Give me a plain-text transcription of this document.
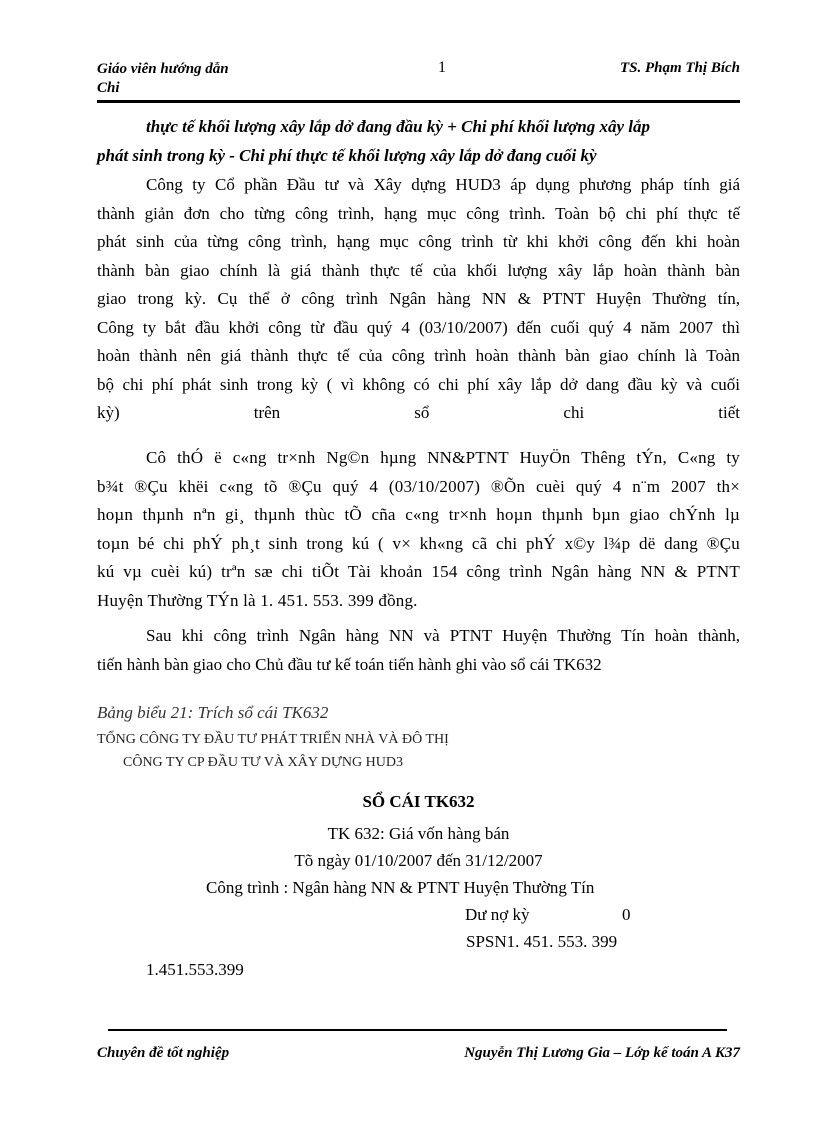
Giáo viên hướng dẫn
Chi
1	TS. Phạm Thị Bích

thực tế khối lượng xây lắp dở đang đầu kỳ + Chi phí khối lượng xây lắp

phát sinh trong kỳ - Chi phí thực tế khối lượng xây lắp dở đang cuối kỳ

Công ty Cổ phần Đầu tư và Xây dựng HUD3 áp dụng phương pháp tính giá

thành giản đơn cho từng công trình, hạng mục công trình. Toàn bộ chi phí thực tế

phát sinh của từng công trình, hạng mục công trình từ khi khởi công đến khi hoàn

thành bàn giao chính là giá thành thực tế của khối lượng xây lắp hoàn thành bàn

giao trong kỳ. Cụ thể ở công trình Ngân hàng NN & PTNT Huyện Thường tín,

Công ty bắt đầu khởi công từ đầu quý 4 (03/10/2007) đến cuối quý 4 năm 2007 thì

hoàn thành nên giá thành thực tế của công trình hoàn thành bàn giao chính là Toàn

bộ chi phí phát sinh trong kỳ ( vì không có chi phí xây lắp dở dang đầu kỳ và cuối

kỳ)	trên	sổ	chi	tiết

Cô thÓ ë c«ng tr×nh Ng©n hµng NN&PTNT HuyÖn Thêng tÝn, C«ng ty

b¾t ®Çu khëi c«ng tõ ®Çu quý 4 (03/10/2007) ®Õn cuèi quý 4 n¨m 2007 th×

hoµn thµnh nªn gi¸ thµnh thùc tÕ cña c«ng tr×nh hoµn thµnh bµn giao chÝnh lµ

toµn bé chi phÝ ph¸t sinh trong kú ( v× kh«ng cã chi phÝ x©y l¾p dë dang ®Çu

kú vµ cuèi kú) trªn sæ chi tiÕt Tài khoản 154 công trình Ngân hàng NN & PTNT

Huyện Thường TÝn là 1. 451. 553. 399 đồng.

Sau khi công trình Ngân hàng NN và PTNT Huyện Thường Tín hoàn thành,

tiến hành bàn giao cho Chủ đầu tư kế toán tiến hành ghi vào sổ cái TK632

Bảng biểu 21: Trích sổ cái TK632
TỔNG CÔNG TY ĐẦU TƯ PHÁT TRIỂN NHÀ VÀ ĐÔ THỊ
CÔNG TY CP ĐẦU TƯ VÀ XÂY DỰNG HUD3
SỔ CÁI TK632
TK 632: Giá vốn hàng bán
Tõ ngày 01/10/2007 đến 31/12/2007
Công trình : Ngân hàng NN & PTNT Huyện Thường Tín
Dư nợ kỳ	0
SPSN1. 451. 553. 399
1.451.553.399
Chuyên đề tốt nghiệp	Nguyễn Thị Lương Gia – Lớp kế toán A K37
